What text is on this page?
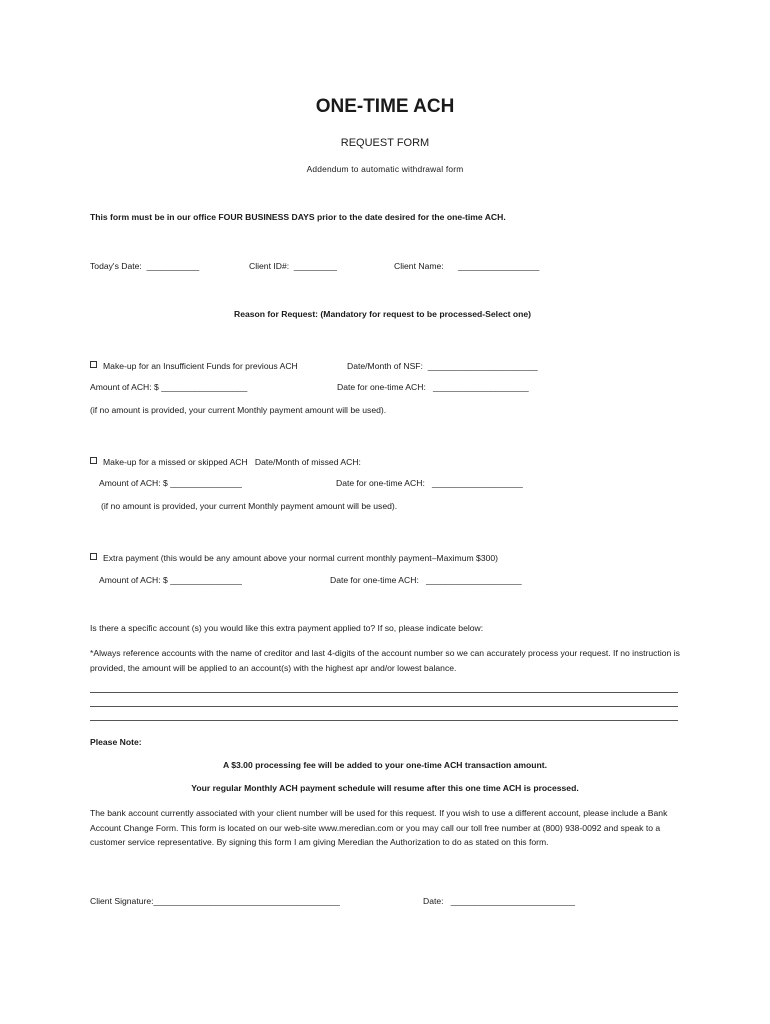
ONE-TIME ACH
REQUEST FORM
Addendum to automatic withdrawal form
This form must be in our office FOUR BUSINESS DAYS prior to the date desired for the one-time ACH.
Today's Date: ___________	Client ID#: _________	Client Name: _________________
Reason for Request: (Mandatory for request to be processed-Select one)
Make-up for an Insufficient Funds for previous ACH	Date/Month of NSF: _______________________
Amount of ACH: $ __________________	Date for one-time ACH: ____________________
(if no amount is provided, your current Monthly payment amount will be used).
Make-up for a missed or skipped ACH Date/Month of missed ACH:
Amount of ACH: $ _______________	Date for one-time ACH: ___________________
(if no amount is provided, your current Monthly payment amount will be used).
Extra payment (this would be any amount above your normal current monthly payment–Maximum $300)
Amount of ACH: $ _______________	Date for one-time ACH: ____________________
Is there a specific account (s) you would like this extra payment applied to? If so, please indicate below:
*Always reference accounts with the name of creditor and last 4-digits of the account number so we can accurately process your request. If no instruction is provided, the amount will be applied to an account(s) with the highest apr and/or lowest balance.
Please Note:
A $3.00 processing fee will be added to your one-time ACH transaction amount.
Your regular Monthly ACH payment schedule will resume after this one time ACH is processed.
The bank account currently associated with your client number will be used for this request. If you wish to use a different account, please include a Bank Account Change Form. This form is located on our web-site www.meredian.com or you may call our toll free number at (800) 938-0092 and speak to a customer service representative. By signing this form I am giving Meredian the Authorization to do as stated on this form.
Client Signature:_______________________________________	Date: __________________________
